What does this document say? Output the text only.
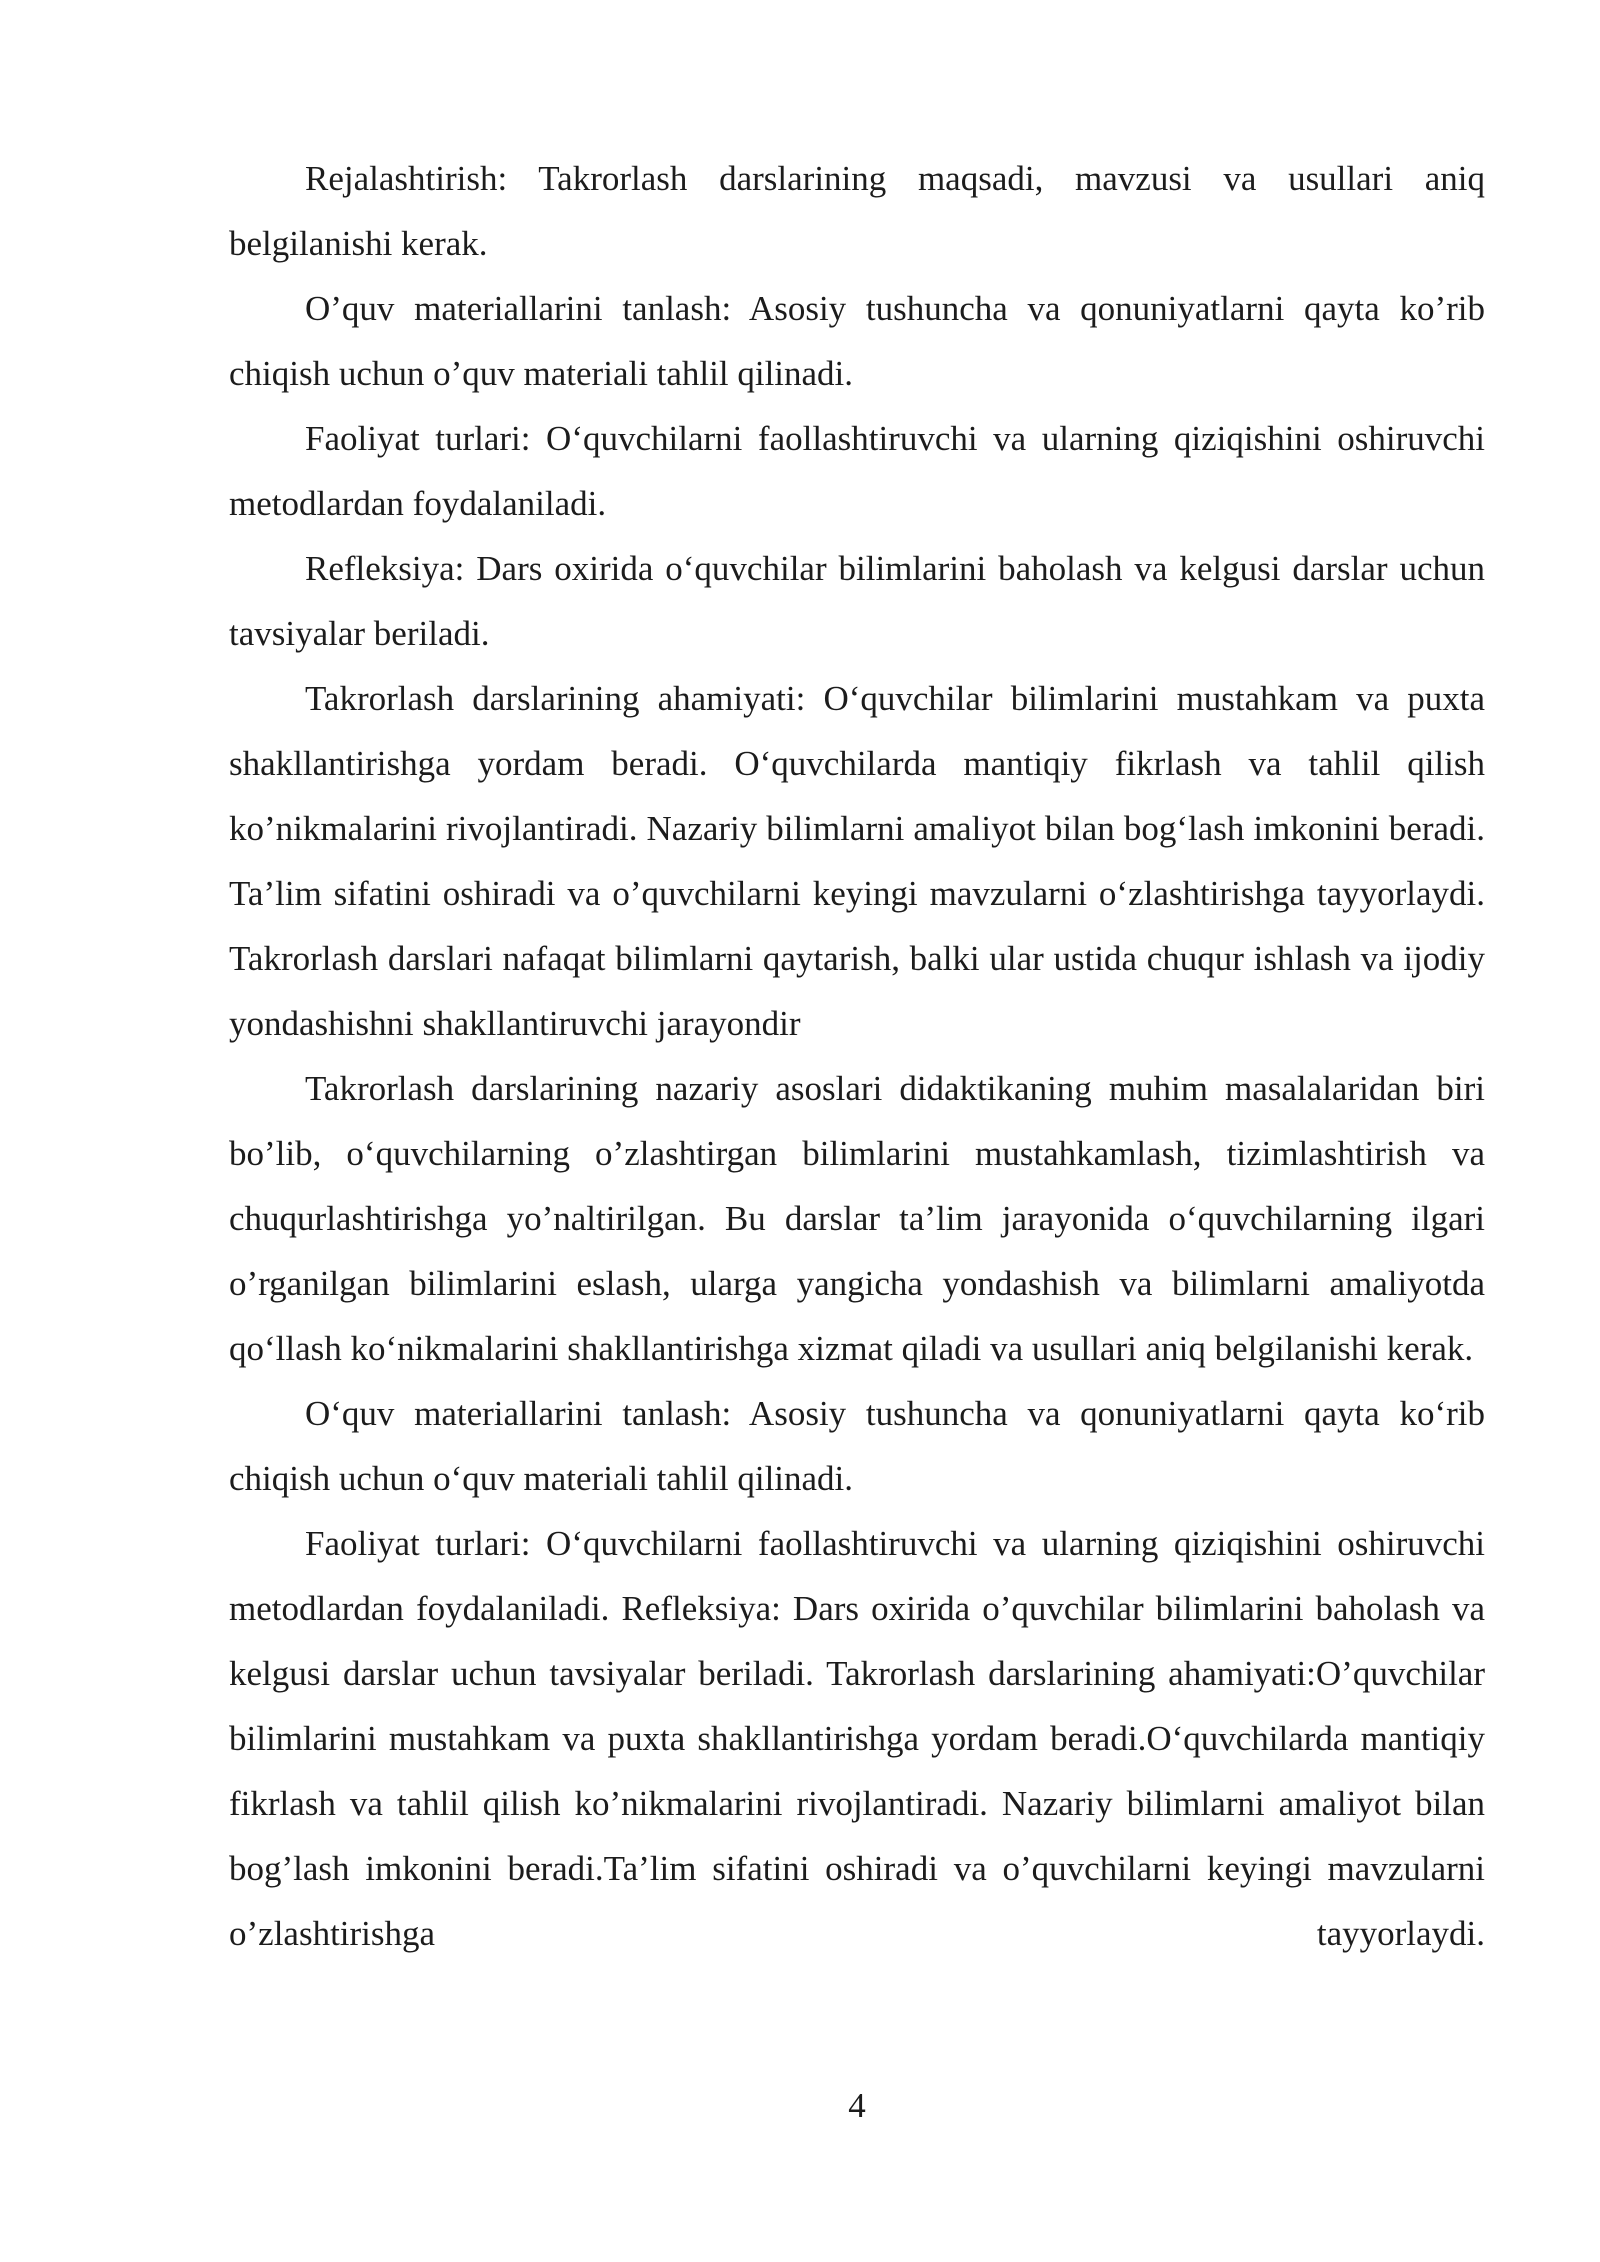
Rejalashtirish: Takrorlash darslarining maqsadi, mavzusi va usullari aniq belgilanishi kerak.

O’quv materiallarini tanlash: Asosiy tushuncha va qonuniyatlarni qayta ko’rib chiqish uchun o’quv materiali tahlil qilinadi.

Faoliyat turlari: O‘quvchilarni faollashtiruvchi va ularning qiziqishini oshiruvchi metodlardan foydalaniladi.

Refleksiya: Dars oxirida o‘quvchilar bilimlarini baholash va kelgusi darslar uchun tavsiyalar beriladi.

Takrorlash darslarining ahamiyati: O‘quvchilar bilimlarini mustahkam va puxta shakllantirishga yordam beradi. O‘quvchilarda mantiqiy fikrlash va tahlil qilish ko’nikmalarini rivojlantiradi. Nazariy bilimlarni amaliyot bilan bog‘lash imkonini beradi. Ta’lim sifatini oshiradi va o’quvchilarni keyingi mavzularni o‘zlashtirishga tayyorlaydi. Takrorlash darslari nafaqat bilimlarni qaytarish, balki ular ustida chuqur ishlash va ijodiy yondashishni shakllantiruvchi jarayondir

Takrorlash darslarining nazariy asoslari didaktikaning muhim masalalaridan biri bo’lib, o‘quvchilarning o’zlashtirgan bilimlarini mustahkamlash, tizimlashtirish va chuqurlashtirishga yo’naltirilgan. Bu darslar ta’lim jarayonida o‘quvchilarning ilgari o’rganilgan bilimlarini eslash, ularga yangicha yondashish va bilimlarni amaliyotda qo‘llash ko‘nikmalarini shakllantirishga xizmat qiladi va usullari aniq belgilanishi kerak.

O‘quv materiallarini tanlash: Asosiy tushuncha va qonuniyatlarni qayta ko‘rib chiqish uchun o‘quv materiali tahlil qilinadi.

Faoliyat turlari: O‘quvchilarni faollashtiruvchi va ularning qiziqishini oshiruvchi metodlardan foydalaniladi. Refleksiya: Dars oxirida o’quvchilar bilimlarini baholash va kelgusi darslar uchun tavsiyalar beriladi. Takrorlash darslarining ahamiyati:O’quvchilar bilimlarini mustahkam va puxta shakllantirishga yordam beradi.O‘quvchilarda mantiqiy fikrlash va tahlil qilish ko’nikmalarini rivojlantiradi. Nazariy bilimlarni amaliyot bilan bog’lash imkonini beradi.Ta’lim sifatini oshiradi va o’quvchilarni keyingi mavzularni o’zlashtirishga tayyorlaydi.

4
